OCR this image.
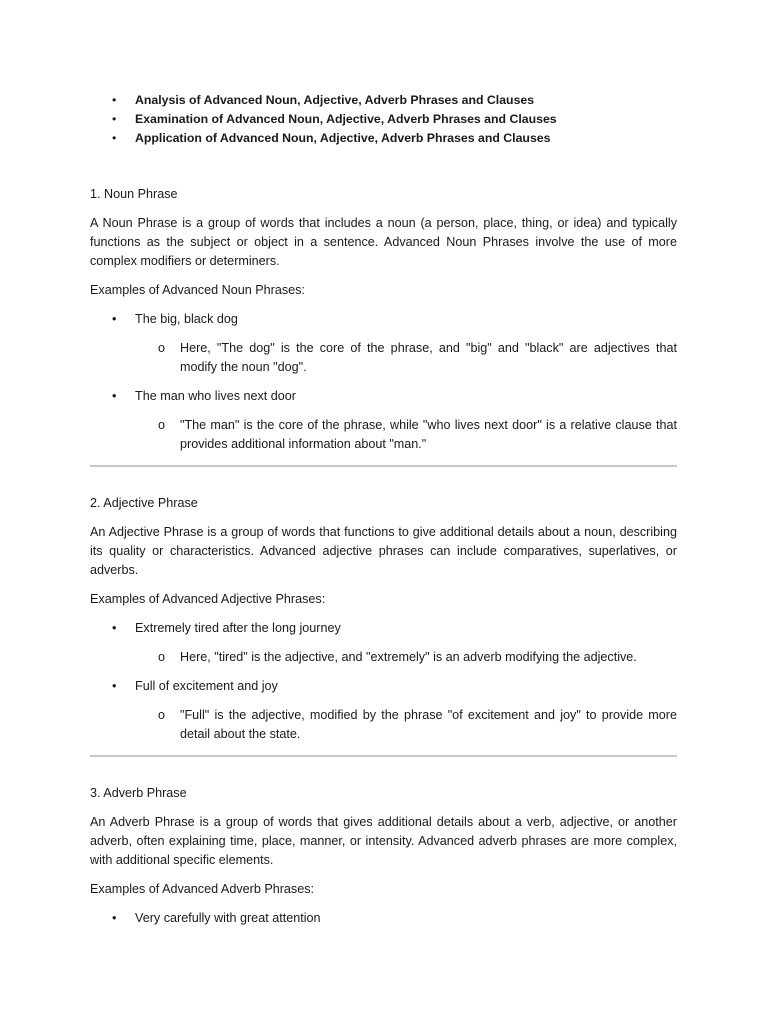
• Analysis of Advanced Noun, Adjective, Adverb Phrases and Clauses
• Examination of Advanced Noun, Adjective, Adverb Phrases and Clauses
• Application of Advanced Noun, Adjective, Adverb Phrases and Clauses
1. Noun Phrase
A Noun Phrase is a group of words that includes a noun (a person, place, thing, or idea) and typically functions as the subject or object in a sentence. Advanced Noun Phrases involve the use of more complex modifiers or determiners.
Examples of Advanced Noun Phrases:
• The big, black dog
o Here, "The dog" is the core of the phrase, and "big" and "black" are adjectives that modify the noun "dog".
• The man who lives next door
o "The man" is the core of the phrase, while "who lives next door" is a relative clause that provides additional information about "man."
2. Adjective Phrase
An Adjective Phrase is a group of words that functions to give additional details about a noun, describing its quality or characteristics. Advanced adjective phrases can include comparatives, superlatives, or adverbs.
Examples of Advanced Adjective Phrases:
• Extremely tired after the long journey
o Here, "tired" is the adjective, and "extremely" is an adverb modifying the adjective.
• Full of excitement and joy
o "Full" is the adjective, modified by the phrase "of excitement and joy" to provide more detail about the state.
3. Adverb Phrase
An Adverb Phrase is a group of words that gives additional details about a verb, adjective, or another adverb, often explaining time, place, manner, or intensity. Advanced adverb phrases are more complex, with additional specific elements.
Examples of Advanced Adverb Phrases:
• Very carefully with great attention
